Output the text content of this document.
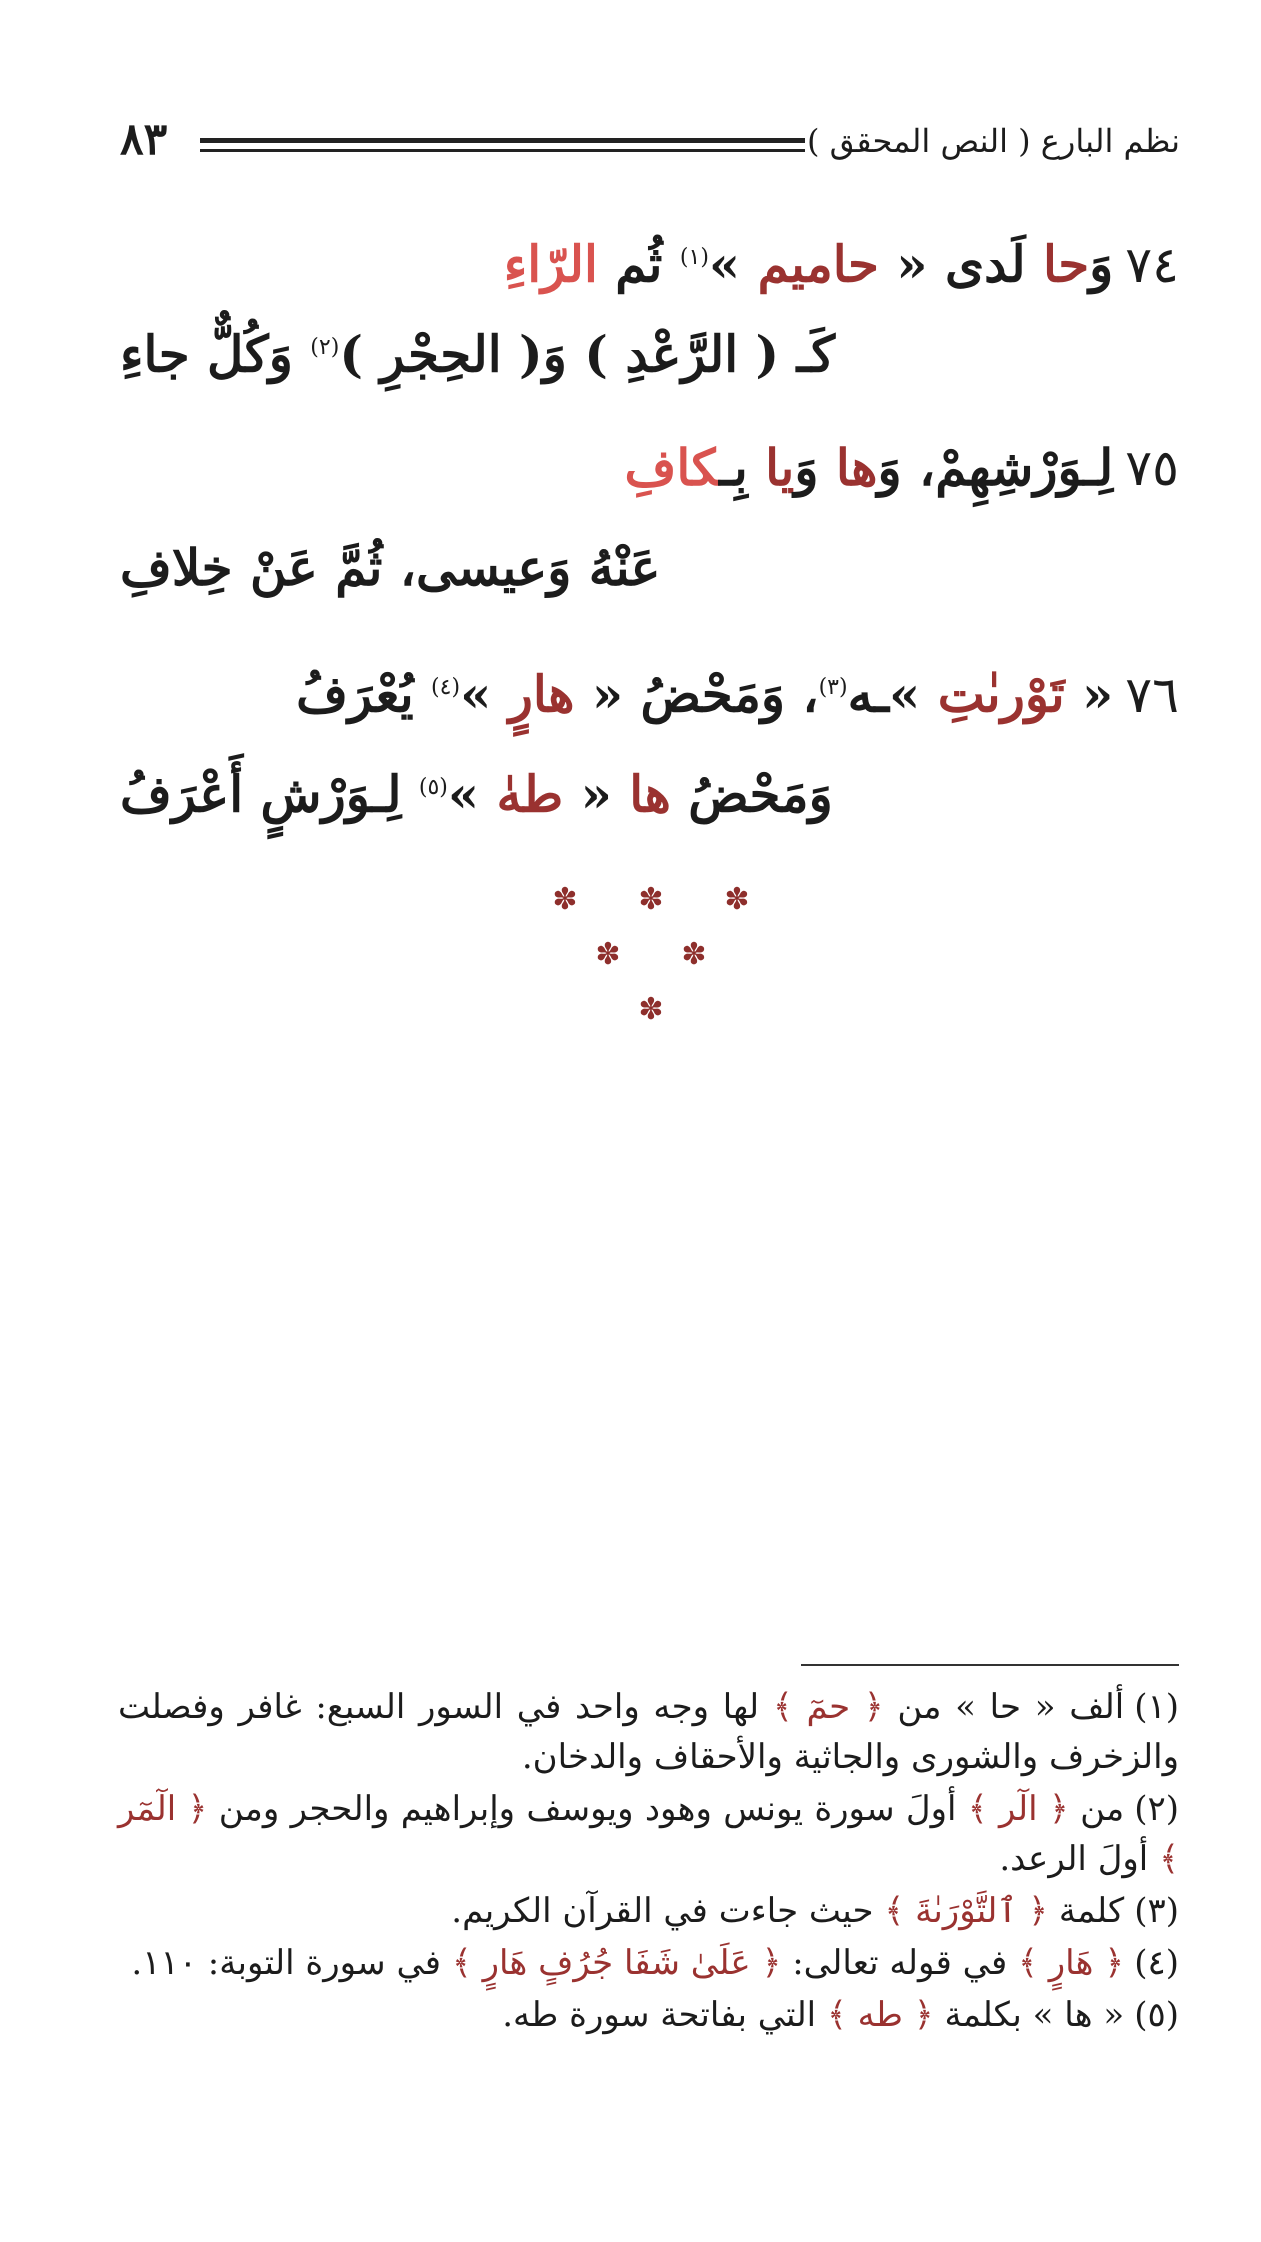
نظم البارع ( النص المحقق )
٨٣
٧٤وَحا لَدى « حاميم »$^{(١)}$ ثُم الرّاءِ
كَـ ( الرَّعْدِ ) وَ( الحِجْرِ )$^{(٢)}$ وَكُلٌّ جاءِ
٧٥لِـوَرْشِهِمْ، وَها وَيا بِـكافِ
عَنْهُ وَعيسى، ثُمَّ عَنْ خِلافِ
٧٦« تَوْرىٰتِ »ـه$^{(٣)}$، وَمَحْضُ « هارٍ »$^{(٤)}$ يُعْرَفُ
وَمَحْضُ ها « طهٰ »$^{(٥)}$ لِـوَرْشٍ أَعْرَفُ
✽ ✽ ✽
✽ ✽
✽

(١)ألف « حا » من ﴿ حمٓ ﴾ لها وجه واحد في السور السبع: غافر وفصلت والزخرف والشورى والجاثية والأحقاف والدخان.

(٢)من ﴿ الٓر ﴾ أولَ سورة يونس وهود ويوسف وإبراهيم والحجر ومن ﴿ الٓمٓر ﴾ أولَ الرعد.

(٣)كلمة ﴿ ٱلتَّوْرَىٰةَ ﴾ حيث جاءت في القرآن الكريم.

(٤)﴿ هَارٍ ﴾ في قوله تعالى: ﴿ عَلَىٰ شَفَا جُرُفٍ هَارٍ ﴾ في سورة التوبة: ١١٠.

(٥)« ها » بكلمة ﴿ طه ﴾ التي بفاتحة سورة طه.
